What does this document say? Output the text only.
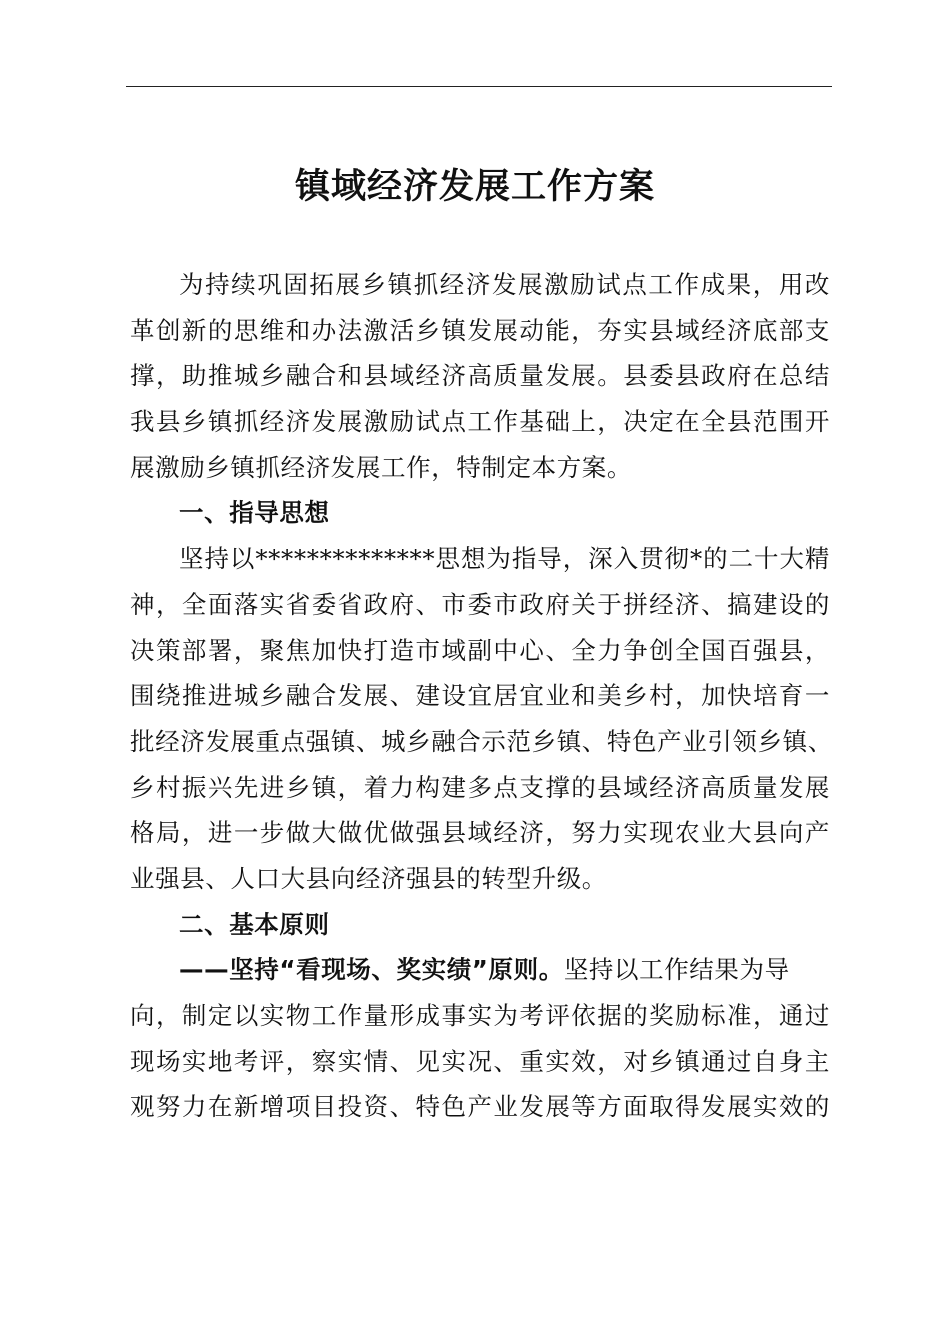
镇域经济发展工作方案
为持续巩固拓展乡镇抓经济发展激励试点工作成果，用改
革创新的思维和办法激活乡镇发展动能，夯实县域经济底部支
撑，助推城乡融合和县域经济高质量发展。县委县政府在总结
我县乡镇抓经济发展激励试点工作基础上，决定在全县范围开
展激励乡镇抓经济发展工作，特制定本方案。
一、指导思想
坚持以**************思想为指导，深入贯彻*的二十大精
神，全面落实省委省政府、市委市政府关于拼经济、搞建设的
决策部署，聚焦加快打造市域副中心、全力争创全国百强县，
围绕推进城乡融合发展、建设宜居宜业和美乡村，加快培育一
批经济发展重点强镇、城乡融合示范乡镇、特色产业引领乡镇、
乡村振兴先进乡镇，着力构建多点支撑的县域经济高质量发展
格局，进一步做大做优做强县域经济，努力实现农业大县向产
业强县、人口大县向经济强县的转型升级。
二、基本原则
——坚持“看现场、奖实绩”原则。坚持以工作结果为导
向，制定以实物工作量形成事实为考评依据的奖励标准，通过
现场实地考评，察实情、见实况、重实效，对乡镇通过自身主
观努力在新增项目投资、特色产业发展等方面取得发展实效的
